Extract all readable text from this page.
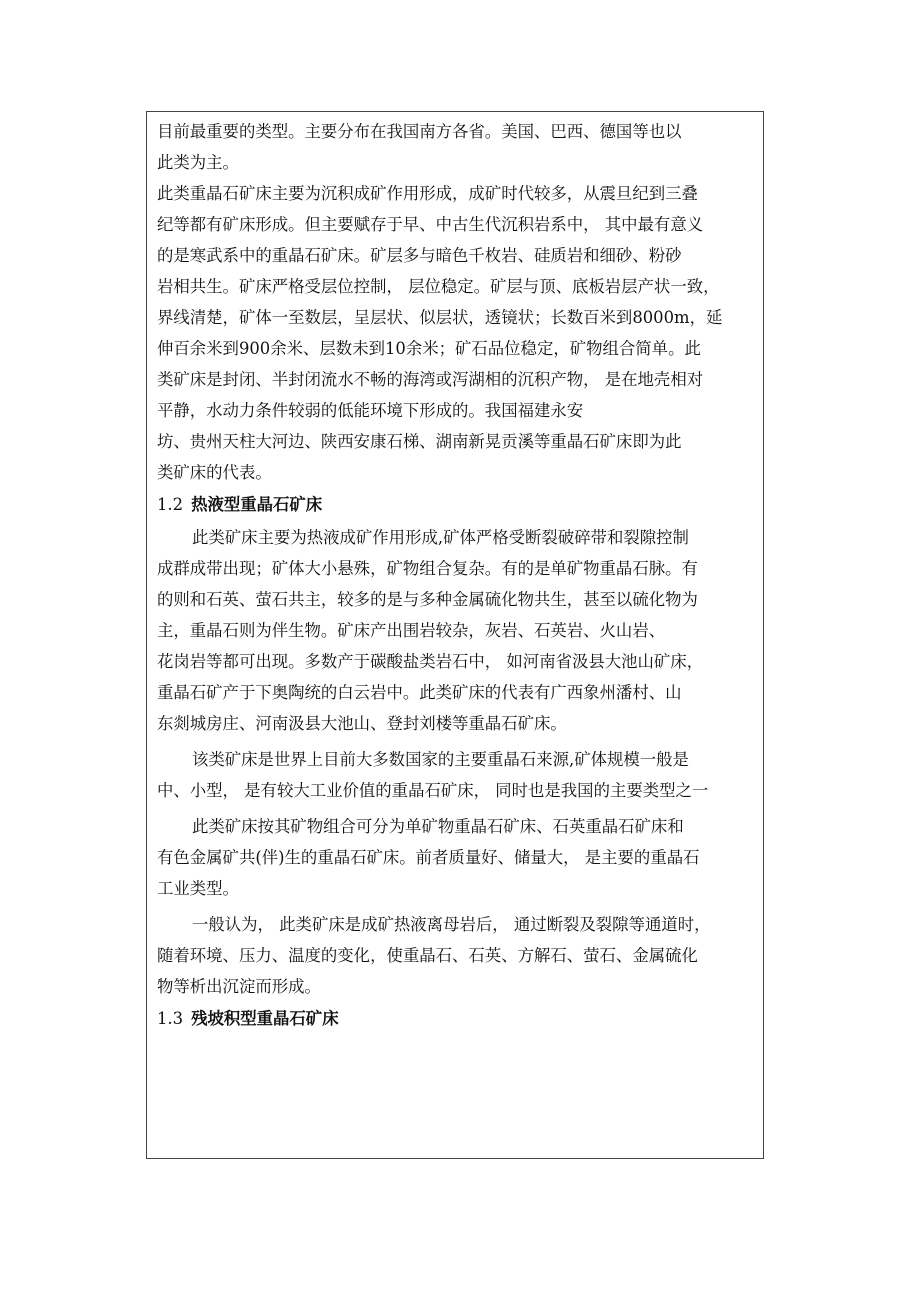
目前最重要的类型。主要分布在我国南方各省。美国、巴西、德国等也以
此类为主。
此类重晶石矿床主要为沉积成矿作用形成，成矿时代较多，从震旦纪到三叠
纪等都有矿床形成。但主要赋存于早、中古生代沉积岩系中， 其中最有意义
的是寒武系中的重晶石矿床。矿层多与暗色千枚岩、硅质岩和细砂、粉砂
岩相共生。矿床严格受层位控制， 层位稳定。矿层与顶、底板岩层产状一致，
界线清楚，矿体一至数层，呈层状、似层状，透镜状；长数百米到8000m，延
伸百余米到900余米、层数未到10余米；矿石品位稳定，矿物组合简单。此
类矿床是封闭、半封闭流水不畅的海湾或泻湖相的沉积产物， 是在地壳相对
平静，水动力条件较弱的低能环境下形成的。我国福建永安
坊、贵州天柱大河边、陕西安康石梯、湖南新晃贡溪等重晶石矿床即为此
类矿床的代表。
1.2 热液型重晶石矿床
此类矿床主要为热液成矿作用形成,矿体严格受断裂破碎带和裂隙控制
成群成带出现；矿体大小悬殊，矿物组合复杂。有的是单矿物重晶石脉。有
的则和石英、萤石共主，较多的是与多种金属硫化物共生，甚至以硫化物为
主，重晶石则为伴生物。矿床产出围岩较杂，灰岩、石英岩、火山岩、
花岗岩等都可出现。多数产于碳酸盐类岩石中， 如河南省汲县大池山矿床，
重晶石矿产于下奥陶统的白云岩中。此类矿床的代表有广西象州潘村、山
东剡城房庄、河南汲县大池山、登封刘楼等重晶石矿床。
该类矿床是世界上目前大多数国家的主要重晶石来源,矿体规模一般是
中、小型， 是有较大工业价值的重晶石矿床， 同时也是我国的主要类型之一
此类矿床按其矿物组合可分为单矿物重晶石矿床、石英重晶石矿床和
有色金属矿共(伴)生的重晶石矿床。前者质量好、储量大， 是主要的重晶石
工业类型。
一般认为， 此类矿床是成矿热液离母岩后， 通过断裂及裂隙等通道时，
随着环境、压力、温度的变化，使重晶石、石英、方解石、萤石、金属硫化
物等析出沉淀而形成。
1.3 残坡积型重晶石矿床
